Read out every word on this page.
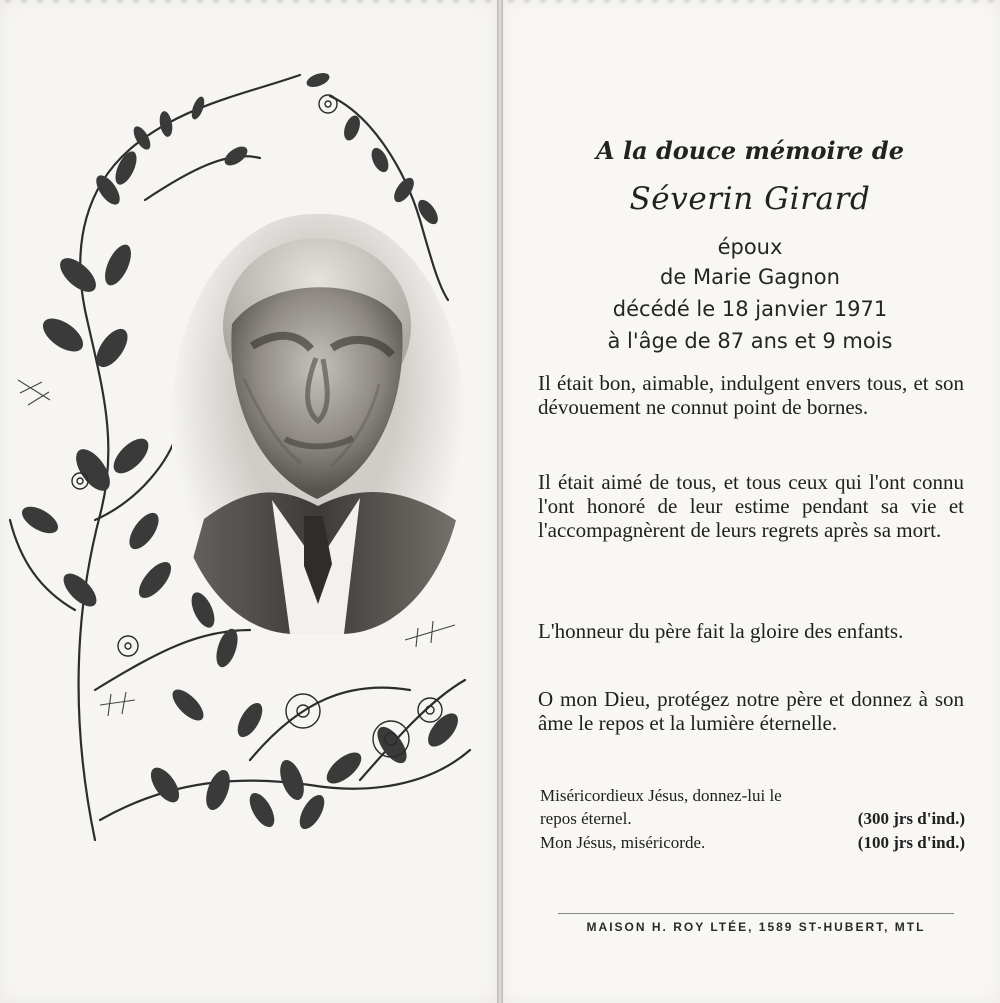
A la douce mémoire de
Séverin Girard
époux
de Marie Gagnon
décédé le 18 janvier 1971
à l'âge de 87 ans et 9 mois
Il était bon, aimable, indulgent envers tous, et son dévouement ne connut point de bornes.
Il était aimé de tous, et tous ceux qui l'ont connu l'ont honoré de leur estime pendant sa vie et l'accompagnèrent de leurs regrets après sa mort.
L'honneur du père fait la gloire des enfants.
O mon Dieu, protégez notre père et donnez à son âme le repos et la lumière éternelle.
Miséricordieux Jésus, donnez-lui le
repos éternel.	(300 jrs d'ind.)
Mon Jésus, miséricorde.	(100 jrs d'ind.)
MAISON H. ROY LTÉE, 1589 ST-HUBERT, MTL
